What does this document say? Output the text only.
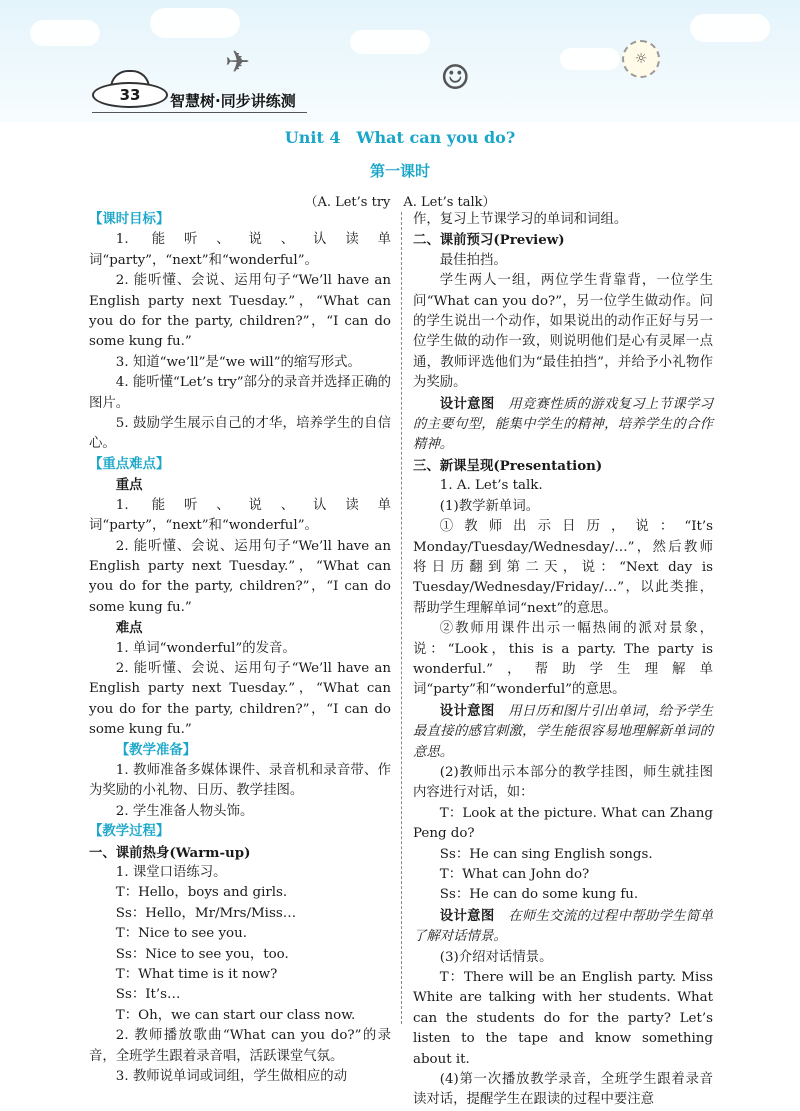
✈	☺	☼
33	智慧树·同步讲练测
Unit 4　What can you do?
第一课时
（A. Let’s try　A. Let’s talk）

【课时目标】

1. 能听、说、认读单词“party”，“next”和“wonderful”。

2. 能听懂、会说、运用句子“We’ll have an English party next Tuesday.”，“What can you do for the party, children?”，“I can do some kung fu.”

3. 知道“we’ll”是“we will”的缩写形式。

4. 能听懂“Let’s try”部分的录音并选择正确的图片。

5. 鼓励学生展示自己的才华，培养学生的自信心。

【重点难点】

重点

1. 能听、说、认读单词“party”，“next”和“wonderful”。

2. 能听懂、会说、运用句子“We’ll have an English party next Tuesday.”，“What can you do for the party, children?”，“I can do some kung fu.”

难点

1. 单词“wonderful”的发音。

2. 能听懂、会说、运用句子“We’ll have an English party next Tuesday.”，“What can you do for the party, children?”，“I can do some kung fu.”

【教学准备】

1. 教师准备多媒体课件、录音机和录音带、作为奖励的小礼物、日历、教学挂图。

2. 学生准备人物头饰。

【教学过程】

一、课前热身(Warm-up)

1. 课堂口语练习。

T：Hello，boys and girls.

Ss：Hello，Mr/Mrs/Miss…

T：Nice to see you.

Ss：Nice to see you，too.

T：What time is it now?

Ss：It’s…

T：Oh，we can start our class now.

2. 教师播放歌曲“What can you do?”的录音，全班学生跟着录音唱，活跃课堂气氛。

3. 教师说单词或词组，学生做相应的动

作，复习上节课学习的单词和词组。

二、课前预习(Preview)

最佳拍挡。

学生两人一组，两位学生背靠背，一位学生问“What can you do?”，另一位学生做动作。问的学生说出一个动作，如果说出的动作正好与另一位学生做的动作一致，则说明他们是心有灵犀一点通，教师评选他们为“最佳拍挡”，并给予小礼物作为奖励。

设计意图　 用竞赛性质的游戏复习上节课学习的主要句型，能集中学生的精神，培养学生的合作精神。

三、新课呈现(Presentation)

1. A. Let’s talk.

(1)教学新单词。

①教师出示日历，说：“It’s Monday/Tuesday/Wednesday/…”，然后教师将日历翻到第二天，说：“Next day is Tuesday/Wednesday/Friday/…”，以此类推，帮助学生理解单词“next”的意思。

②教师用课件出示一幅热闹的派对景象，说：“Look，this is a party. The party is wonderful.”，帮助学生理解单词“party”和“wonderful”的意思。

设计意图　 用日历和图片引出单词，给予学生最直接的感官刺激，学生能很容易地理解新单词的意思。

(2)教师出示本部分的教学挂图，师生就挂图内容进行对话，如：

T：Look at the picture. What can Zhang Peng do?

Ss：He can sing English songs.

T：What can John do?

Ss：He can do some kung fu.

设计意图　 在师生交流的过程中帮助学生简单了解对话情景。

(3)介绍对话情景。

T：There will be an English party. Miss White are talking with her students. What can the students do for the party? Let’s listen to the tape and know something about it.

(4)第一次播放教学录音，全班学生跟着录音读对话，提醒学生在跟读的过程中要注意
